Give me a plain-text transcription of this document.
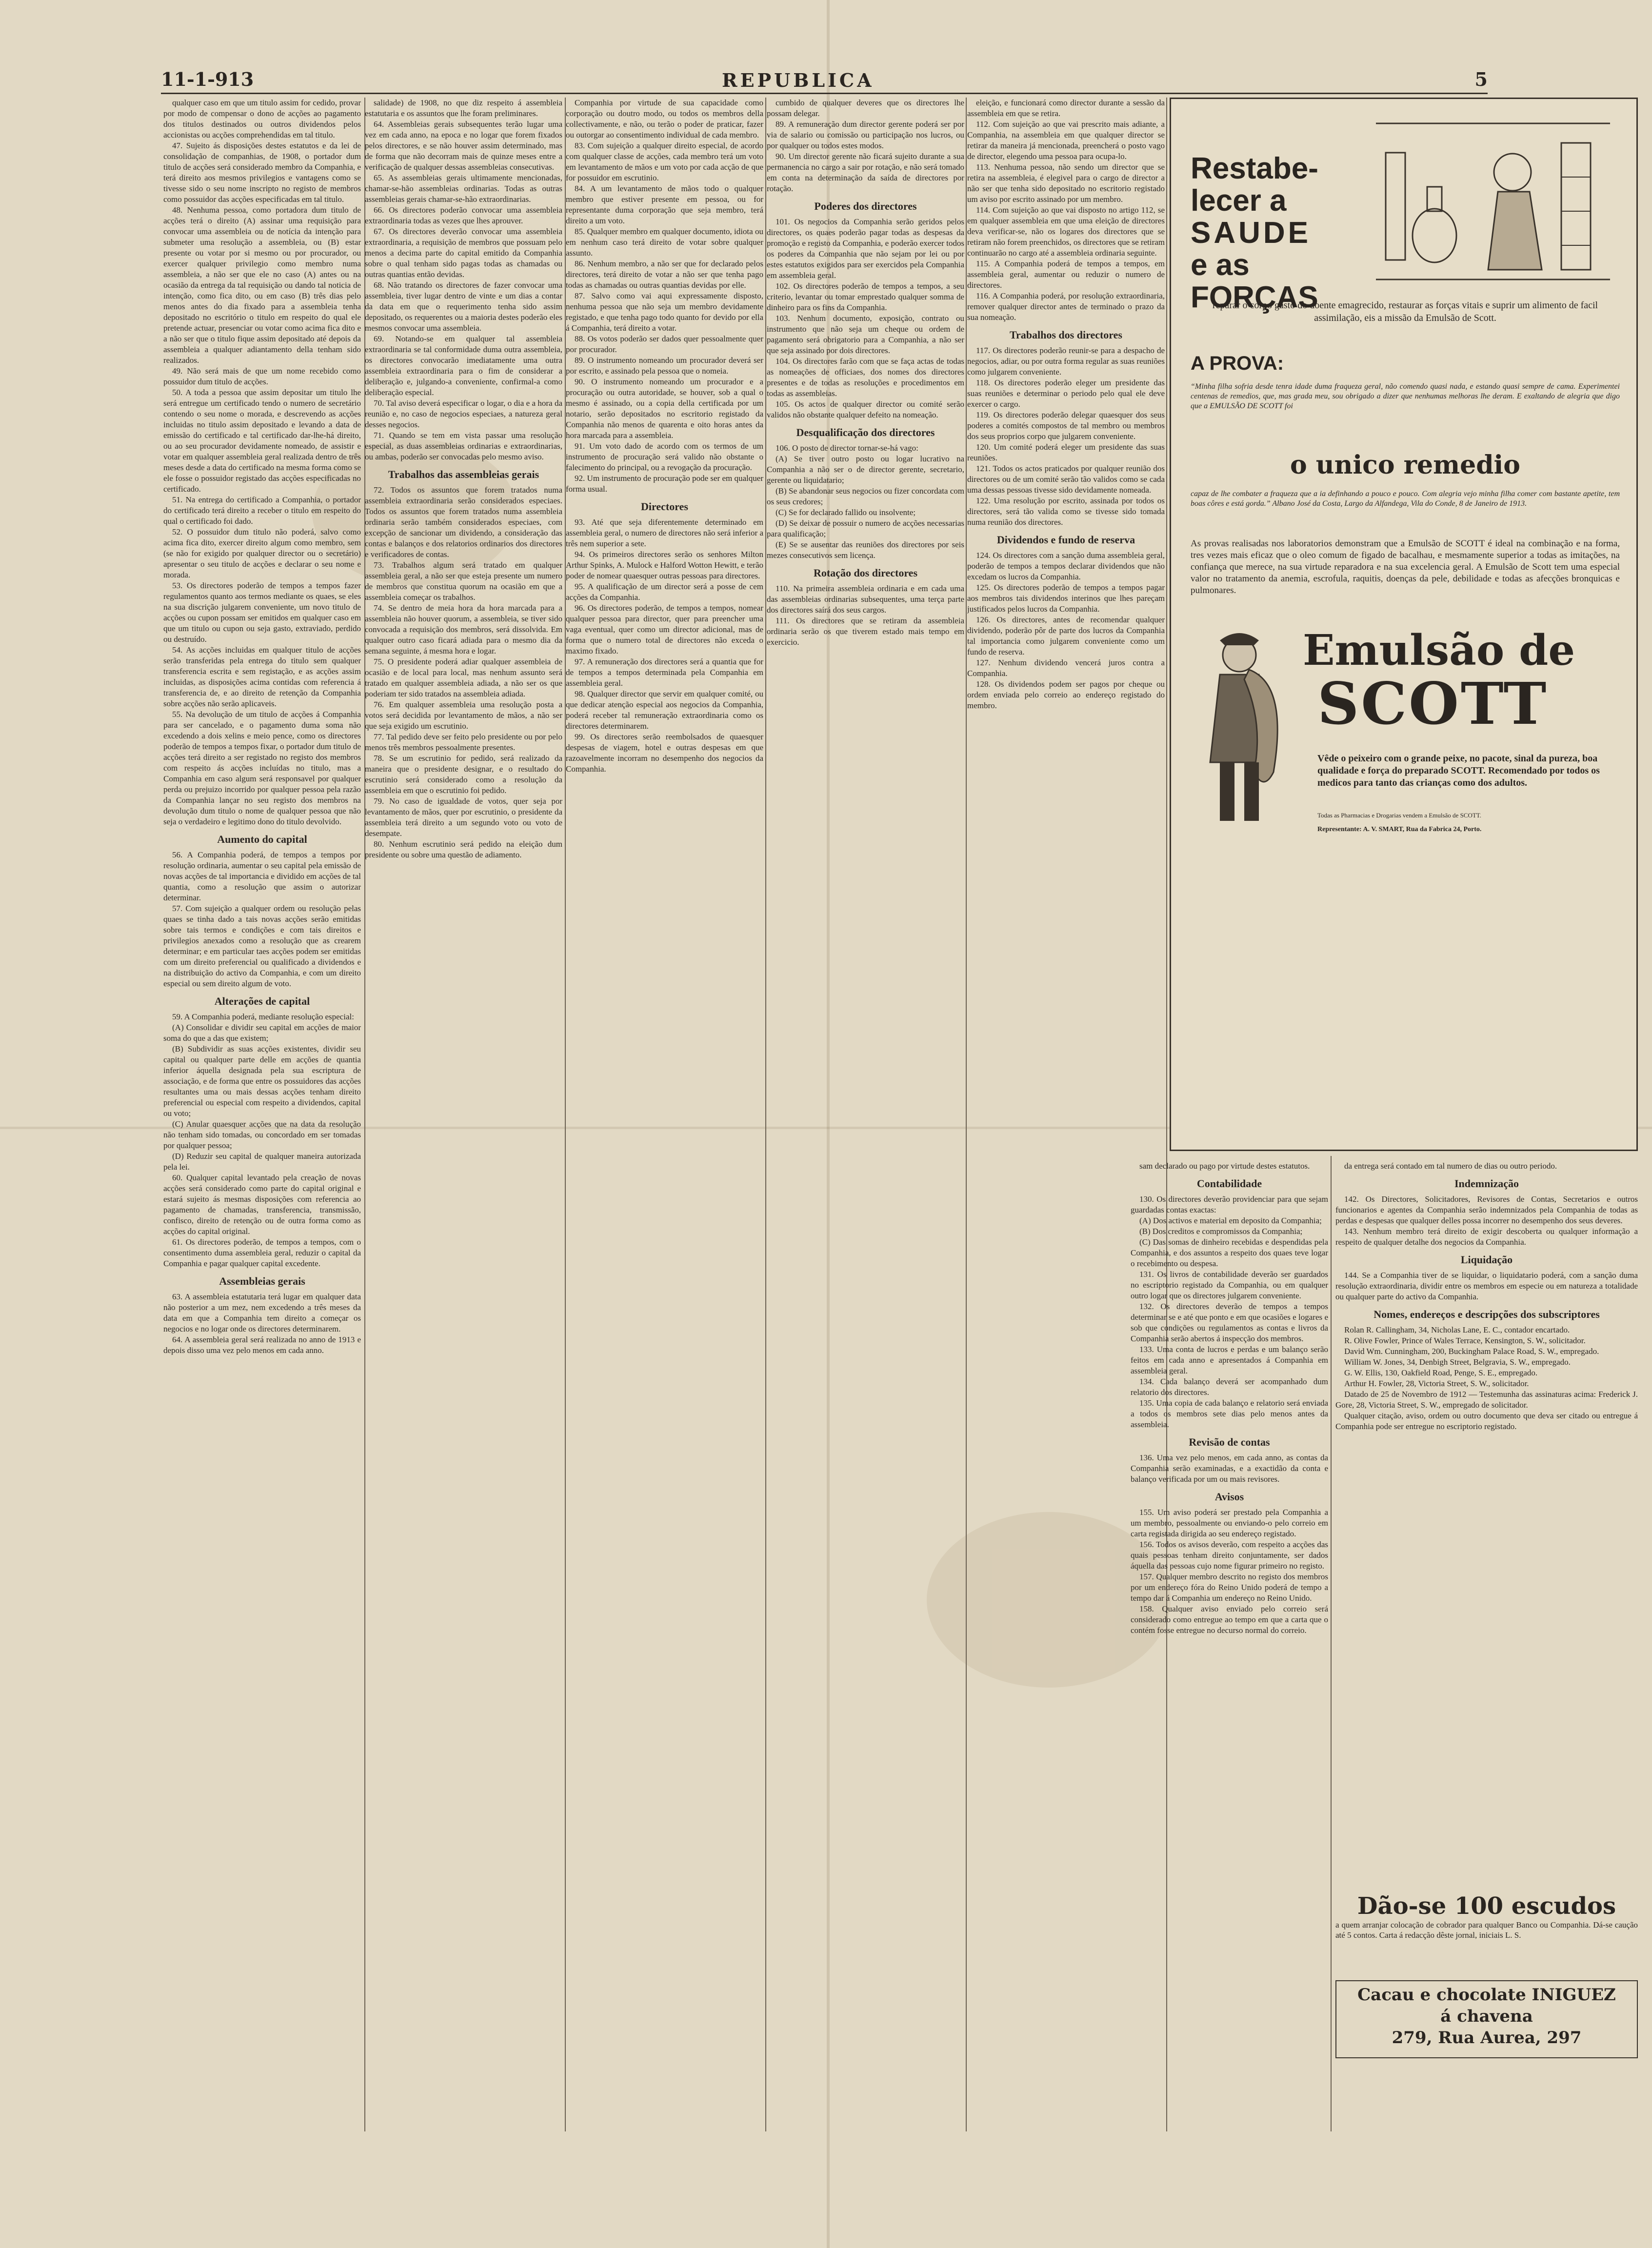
11-1-913	REPUBLICA	5

qualquer caso em que um titulo assim for cedido, provar por modo de compensar o dono de acções ao pagamento dos titulos destinados ou outros dividendos pelos accionistas ou acções comprehendidas em tal titulo.

47. Sujeito ás disposições destes estatutos e da lei de consolidação de companhias, de 1908, o portador dum titulo de acções será considerado membro da Companhia, e terá direito aos mesmos privilegios e vantagens como se tivesse sido o seu nome inscripto no registo de membros como possuidor das acções especificadas em tal titulo.

48. Nenhuma pessoa, como portadora dum titulo de acções terá o direito (A) assinar uma requisição para convocar uma assembleia ou de notícia da intenção para submeter uma resolução a assembleia, ou (B) estar presente ou votar por si mesmo ou por procurador, ou exercer qualquer privilegio como membro numa assembleia, a não ser que ele no caso (A) antes ou na ocasião da entrega da tal requisição ou dando tal noticia de intenção, como fica dito, ou em caso (B) três dias pelo menos antes do dia fixado para a assembleia tenha depositado no escritório o titulo em respeito do qual ele pretende actuar, presenciar ou votar como acima fica dito e a não ser que o titulo fique assim depositado até depois da assembleia a qualquer adiantamento della tenham sido realizados.

49. Não será mais de que um nome recebido como possuidor dum titulo de acções.

50. A toda a pessoa que assim depositar um titulo lhe será entregue um certificado tendo o numero de secretário contendo o seu nome o morada, e descrevendo as acções incluidas no titulo assim depositado e levando a data de emissão do certificado e tal certificado dar-lhe-há direito, ou ao seu procurador devidamente nomeado, de assistir e votar em qualquer assembleia geral realizada dentro de três meses desde a data do certificado na mesma forma como se ele fosse o possuidor registado das acções especificadas no certificado.

51. Na entrega do certificado a Companhia, o portador do certificado terá direito a receber o titulo em respeito do qual o certificado foi dado.

52. O possuidor dum titulo não poderá, salvo como acima fica dito, exercer direito algum como membro, sem (se não for exigido por qualquer director ou o secretário) apresentar o seu titulo de acções e declarar o seu nome e morada.

53. Os directores poderão de tempos a tempos fazer regulamentos quanto aos termos mediante os quaes, se eles na sua discrição julgarem conveniente, um novo titulo de acções ou cupon possam ser emitidos em qualquer caso em que um titulo ou cupon ou seja gasto, extraviado, perdido ou destruído.

54. As acções incluidas em qualquer titulo de acções serão transferidas pela entrega do titulo sem qualquer transferencia escrita e sem registação, e as acções assim incluidas, as disposições acima contidas com referencia á transferencia de, e ao direito de retenção da Companhia sobre acções não serão aplicaveis.

55. Na devolução de um titulo de acções á Companhia para ser cancelado, e o pagamento duma soma não excedendo a dois xelins e meio pence, como os directores poderão de tempos a tempos fixar, o portador dum titulo de acções terá direito a ser registado no registo dos membros com respeito ás acções incluídas no titulo, mas a Companhia em caso algum será responsavel por qualquer perda ou prejuizo incorrido por qualquer pessoa pela razão da Companhia lançar no seu registo dos membros na devolução dum titulo o nome de qualquer pessoa que não seja o verdadeiro e legitimo dono do titulo devolvido.

Aumento do capital

56. A Companhia poderá, de tempos a tempos por resolução ordinaria, aumentar o seu capital pela emissão de novas acções de tal importancia e dividido em acções de tal quantia, como a resolução que assim o autorizar determinar.

57. Com sujeição a qualquer ordem ou resolução pelas quaes se tinha dado a tais novas acções serão emitidas sobre tais termos e condições e com tais direitos e privilegios anexados como a resolução que as crearem determinar; e em particular taes acções podem ser emitidas com um direito preferencial ou qualificado a dividendos e na distribuição do activo da Companhia, e com um direito especial ou sem direito algum de voto.

Alterações de capital

59. A Companhia poderá, mediante resolução especial:

(A) Consolidar e dividir seu capital em acções de maior soma do que a das que existem;

(B) Subdividir as suas acções existentes, dividir seu capital ou qualquer parte delle em acções de quantia inferior áquella designada pela sua escriptura de associação, e de forma que entre os possuidores das acções resultantes uma ou mais dessas acções tenham direito preferencial ou especial com respeito a dividendos, capital ou voto;

(C) Anular quaesquer acções que na data da resolução não tenham sido tomadas, ou concordado em ser tomadas por qualquer pessoa;

(D) Reduzir seu capital de qualquer maneira autorizada pela lei.

60. Qualquer capital levantado pela creação de novas acções será considerado como parte do capital original e estará sujeito ás mesmas disposições com referencia ao pagamento de chamadas, transferencia, transmissão, confisco, direito de retenção ou de outra forma como as acções do capital original.

61. Os directores poderão, de tempos a tempos, com o consentimento duma assembleia geral, reduzir o capital da Companhia e pagar qualquer capital excedente.

Assembleias gerais

63. A assembleia estatutaria terá lugar em qualquer data não posterior a um mez, nem excedendo a três meses da data em que a Companhia tem direito a começar os negocios e no logar onde os directores determinarem.

64. A assembleia geral será realizada no anno de 1913 e depois disso uma vez pelo menos em cada anno.

salidade) de 1908, no que diz respeito á assembleia estatutaria e os assuntos que lhe foram preliminares.

64. Assembleias gerais subsequentes terão lugar uma vez em cada anno, na epoca e no logar que forem fixados pelos directores, e se não houver assim determinado, mas de forma que não decorram mais de quinze meses entre a verificação de qualquer dessas assembleias consecutivas.

65. As assembleias gerais ultimamente mencionadas, chamar-se-hão assembleias ordinarias. Todas as outras assembleias gerais chamar-se-hão extraordinarias.

66. Os directores poderão convocar uma assembleia extraordinaria todas as vezes que lhes aprouver.

67. Os directores deverão convocar uma assembleia extraordinaria, a requisição de membros que possuam pelo menos a decima parte do capital emitido da Companhia sobre o qual tenham sido pagas todas as chamadas ou outras quantias então devidas.

68. Não tratando os directores de fazer convocar uma assembleia, tiver lugar dentro de vinte e um dias a contar da data em que o requerimento tenha sido assim depositado, os requerentes ou a maioria destes poderão eles mesmos convocar uma assembleia.

69. Notando-se em qualquer tal assembleia extraordinaria se tal conformidade duma outra assembleia, os directores convocarão imediatamente uma outra assembleia extraordinaria para o fim de considerar a deliberação e, julgando-a conveniente, confirmal-a como deliberação especial.

70. Tal aviso deverá especificar o logar, o dia e a hora da reunião e, no caso de negocios especiaes, a natureza geral desses negocios.

71. Quando se tem em vista passar uma resolução especial, as duas assembleias ordinarias e extraordinarias, ou ambas, poderão ser convocadas pelo mesmo aviso.

Trabalhos das assembleias gerais

72. Todos os assuntos que forem tratados numa assembleia extraordinaria serão considerados especiaes. Todos os assuntos que forem tratados numa assembleia ordinaria serão também considerados especiaes, com excepção de sancionar um dividendo, a consideração das contas e balanços e dos relatorios ordinarios dos directores e verificadores de contas.

73. Trabalhos algum será tratado em qualquer assembleia geral, a não ser que esteja presente um numero de membros que constitua quorum na ocasião em que a assembleia começar os trabalhos.

74. Se dentro de meia hora da hora marcada para a assembleia não houver quorum, a assembleia, se tiver sido convocada a requisição dos membros, será dissolvida. Em qualquer outro caso ficará adiada para o mesmo dia da semana seguinte, á mesma hora e logar.

75. O presidente poderá adiar qualquer assembleia de ocasião e de local para local, mas nenhum assunto será tratado em qualquer assembleia adiada, a não ser os que poderiam ter sido tratados na assembleia adiada.

76. Em qualquer assembleia uma resolução posta a votos será decidida por levantamento de mãos, a não ser que seja exigido um escrutinio.

77. Tal pedido deve ser feito pelo presidente ou por pelo menos três membros pessoalmente presentes.

78. Se um escrutinio for pedido, será realizado da maneira que o presidente designar, e o resultado do escrutinio será considerado como a resolução da assembleia em que o escrutinio foi pedido.

79. No caso de igualdade de votos, quer seja por levantamento de mãos, quer por escrutinio, o presidente da assembleia terá direito a um segundo voto ou voto de desempate.

80. Nenhum escrutinio será pedido na eleição dum presidente ou sobre uma questão de adiamento.

Companhia por virtude de sua capacidade como corporação ou doutro modo, ou todos os membros della collectivamente, e não, ou terão o poder de praticar, fazer ou outorgar ao consentimento individual de cada membro.

83. Com sujeição a qualquer direito especial, de acordo com qualquer classe de acções, cada membro terá um voto em levantamento de mãos e um voto por cada acção de que for possuidor em escrutinio.

84. A um levantamento de mãos todo o qualquer membro que estiver presente em pessoa, ou for representante duma corporação que seja membro, terá direito a um voto.

85. Qualquer membro em qualquer documento, idiota ou em nenhum caso terá direito de votar sobre qualquer assunto.

86. Nenhum membro, a não ser que for declarado pelos directores, terá direito de votar a não ser que tenha pago todas as chamadas ou outras quantias devidas por elle.

87. Salvo como vai aqui expressamente disposto, nenhuma pessoa que não seja um membro devidamente registado, e que tenha pago todo quanto for devido por ella á Companhia, terá direito a votar.

88. Os votos poderão ser dados quer pessoalmente quer por procurador.

89. O instrumento nomeando um procurador deverá ser por escrito, e assinado pela pessoa que o nomeia.

90. O instrumento nomeando um procurador e a procuração ou outra autoridade, se houver, sob a qual o mesmo é assinado, ou a copia della certificada por um notario, serão depositados no escritorio registado da Companhia não menos de quarenta e oito horas antes da hora marcada para a assembleia.

91. Um voto dado de acordo com os termos de um instrumento de procuração será valido não obstante o falecimento do principal, ou a revogação da procuração.

92. Um instrumento de procuração pode ser em qualquer forma usual.

Directores

93. Até que seja diferentemente determinado em assembleia geral, o numero de directores não será inferior a três nem superior a sete.

94. Os primeiros directores serão os senhores Milton Arthur Spinks, A. Mulock e Halford Wotton Hewitt, e terão poder de nomear quaesquer outras pessoas para directores.

95. A qualificação de um director será a posse de cem acções da Companhia.

96. Os directores poderão, de tempos a tempos, nomear qualquer pessoa para director, quer para preencher uma vaga eventual, quer como um director adicional, mas de forma que o numero total de directores não exceda o maximo fixado.

97. A remuneração dos directores será a quantia que for de tempos a tempos determinada pela Companhia em assembleia geral.

98. Qualquer director que servir em qualquer comité, ou que dedicar atenção especial aos negocios da Companhia, poderá receber tal remuneração extraordinaria como os directores determinarem.

99. Os directores serão reembolsados de quaesquer despesas de viagem, hotel e outras despesas em que razoavelmente incorram no desempenho dos negocios da Companhia.

cumbido de qualquer deveres que os directores lhe possam delegar.

89. A remuneração dum director gerente poderá ser por via de salario ou comissão ou participação nos lucros, ou por qualquer ou todos estes modos.

90. Um director gerente não ficará sujeito durante a sua permanencia no cargo a sair por rotação, e não será tomado em conta na determinação da saída de directores por rotação.

Poderes dos directores

101. Os negocios da Companhia serão geridos pelos directores, os quaes poderão pagar todas as despesas da promoção e registo da Companhia, e poderão exercer todos os poderes da Companhia que não sejam por lei ou por estes estatutos exigidos para ser exercidos pela Companhia em assembleia geral.

102. Os directores poderão de tempos a tempos, a seu criterio, levantar ou tomar emprestado qualquer somma de dinheiro para os fins da Companhia.

103. Nenhum documento, exposição, contrato ou instrumento que não seja um cheque ou ordem de pagamento será obrigatorio para a Companhia, a não ser que seja assinado por dois directores.

104. Os directores farão com que se faça actas de todas as nomeações de officiaes, dos nomes dos directores presentes e de todas as resoluções e procedimentos em todas as assembleias.

105. Os actos de qualquer director ou comité serão validos não obstante qualquer defeito na nomeação.

Desqualificação dos directores

106. O posto de director tornar-se-há vago:

(A) Se tiver outro posto ou logar lucrativo na Companhia a não ser o de director gerente, secretario, gerente ou liquidatario;

(B) Se abandonar seus negocios ou fizer concordata com os seus credores;

(C) Se for declarado fallido ou insolvente;

(D) Se deixar de possuir o numero de acções necessarias para qualificação;

(E) Se se ausentar das reuniões dos directores por seis mezes consecutivos sem licença.

Rotação dos directores

110. Na primeira assembleia ordinaria e em cada uma das assembleias ordinarias subsequentes, uma terça parte dos directores saírá dos seus cargos.

111. Os directores que se retiram da assembleia ordinaria serão os que tiverem estado mais tempo em exercicio.

eleição, e funcionará como director durante a sessão da assembleia em que se retira.

112. Com sujeição ao que vai prescrito mais adiante, a Companhia, na assembleia em que qualquer director se retirar da maneira já mencionada, preencherá o posto vago de director, elegendo uma pessoa para ocupa-lo.

113. Nenhuma pessoa, não sendo um director que se retira na assembleia, é elegivel para o cargo de director a não ser que tenha sido depositado no escritorio registado um aviso por escrito assinado por um membro.

114. Com sujeição ao que vai disposto no artigo 112, se em qualquer assembleia em que uma eleição de directores deva verificar-se, não os logares dos directores que se retiram não forem preenchidos, os directores que se retiram continuarão no cargo até a assembleia ordinaria seguinte.

115. A Companhia poderá de tempos a tempos, em assembleia geral, aumentar ou reduzir o numero de directores.

116. A Companhia poderá, por resolução extraordinaria, remover qualquer director antes de terminado o prazo da sua nomeação.

Trabalhos dos directores

117. Os directores poderão reunir-se para a despacho de negocios, adiar, ou por outra forma regular as suas reuniões como julgarem conveniente.

118. Os directores poderão eleger um presidente das suas reuniões e determinar o periodo pelo qual ele deve exercer o cargo.

119. Os directores poderão delegar quaesquer dos seus poderes a comités compostos de tal membro ou membros dos seus proprios corpo que julgarem conveniente.

120. Um comité poderá eleger um presidente das suas reuniões.

121. Todos os actos praticados por qualquer reunião dos directores ou de um comité serão tão validos como se cada uma dessas pessoas tivesse sido devidamente nomeada.

122. Uma resolução por escrito, assinada por todos os directores, será tão valida como se tivesse sido tomada numa reunião dos directores.

Dividendos e fundo de reserva

124. Os directores com a sanção duma assembleia geral, poderão de tempos a tempos declarar dividendos que não excedam os lucros da Companhia.

125. Os directores poderão de tempos a tempos pagar aos membros tais dividendos interinos que lhes pareçam justificados pelos lucros da Companhia.

126. Os directores, antes de recomendar qualquer dividendo, poderão pôr de parte dos lucros da Companhia tal importancia como julgarem conveniente como um fundo de reserva.

127. Nenhum dividendo vencerá juros contra a Companhia.

128. Os dividendos podem ser pagos por cheque ou ordem enviada pelo correio ao endereço registado do membro.

sam declarado ou pago por virtude destes estatutos.

Contabilidade

130. Os directores deverão providenciar para que sejam guardadas contas exactas:

(A) Dos activos e material em deposito da Companhia;

(B) Dos creditos e compromissos da Companhia;

(C) Das somas de dinheiro recebidas e despendidas pela Companhia, e dos assuntos a respeito dos quaes teve logar o recebimento ou despesa.

131. Os livros de contabilidade deverão ser guardados no escriptorio registado da Companhia, ou em qualquer outro logar que os directores julgarem conveniente.

132. Os directores deverão de tempos a tempos determinar se e até que ponto e em que ocasiões e logares e sob que condições ou regulamentos as contas e livros da Companhia serão abertos á inspecção dos membros.

133. Uma conta de lucros e perdas e um balanço serão feitos em cada anno e apresentados á Companhia em assembleia geral.

134. Cada balanço deverá ser acompanhado dum relatorio dos directores.

135. Uma copia de cada balanço e relatorio será enviada a todos os membros sete dias pelo menos antes da assembleia.

Revisão de contas

136. Uma vez pelo menos, em cada anno, as contas da Companhia serão examinadas, e a exactidão da conta e balanço verificada por um ou mais revisores.

Avisos

155. Um aviso poderá ser prestado pela Companhia a um membro, pessoalmente ou enviando-o pelo correio em carta registada dirigida ao seu endereço registado.

156. Todos os avisos deverão, com respeito a acções das quais pessoas tenham direito conjuntamente, ser dados áquella das pessoas cujo nome figurar primeiro no registo.

157. Qualquer membro descrito no registo dos membros por um endereço fóra do Reino Unido poderá de tempo a tempo dar á Companhia um endereço no Reino Unido.

158. Qualquer aviso enviado pelo correio será considerado como entregue ao tempo em que a carta que o contém fosse entregue no decurso normal do correio.

da entrega será contado em tal numero de dias ou outro periodo.

Indemnização

142. Os Directores, Solicitadores, Revisores de Contas, Secretarios e outros funcionarios e agentes da Companhia serão indemnizados pela Companhia de todas as perdas e despesas que qualquer delles possa incorrer no desempenho dos seus deveres.

143. Nenhum membro terá direito de exigir descoberta ou qualquer informação a respeito de qualquer detalhe dos negocios da Companhia.

Liquidação

144. Se a Companhia tiver de se liquidar, o liquidatario poderá, com a sanção duma resolução extraordinaria, dividir entre os membros em especie ou em natureza a totalidade ou qualquer parte do activo da Companhia.

Nomes, endereços e descripções dos subscriptores

Rolan R. Callingham, 34, Nicholas Lane, E. C., contador encartado.

R. Olive Fowler, Prince of Wales Terrace, Kensington, S. W., solicitador.

David Wm. Cunningham, 200, Buckingham Palace Road, S. W., empregado.

William W. Jones, 34, Denbigh Street, Belgravia, S. W., empregado.

G. W. Ellis, 130, Oakfield Road, Penge, S. E., empregado.

Arthur H. Fowler, 28, Victoria Street, S. W., solicitador.

Datado de 25 de Novembro de 1912 — Testemunha das assinaturas acima: Frederick J. Gore, 28, Victoria Street, S. W., empregado de solicitador.

Qualquer citação, aviso, ordem ou outro documento que deva ser citado ou entregue á Companhia pode ser entregue no escriptorio registado.

Restabe-
lecer a
SAUDE
e as
FORÇAS
reparar o corpo gasto do doente emagrecido, restaurar as forças vitais e suprir um alimento de facil assimilação, eis a missão da Emulsão de Scott.
A PROVA:
“Minha filha sofria desde tenra idade duma fraqueza geral, não comendo quasi nada, e estando quasi sempre de cama. Experimentei centenas de remedios, que, mas grada meu, sou obrigado a dizer que nenhumas melhoras lhe deram. E exaltando de alegria que digo que a EMULSÃO DE SCOTT foi
o unico remedio
capaz de lhe combater a fraqueza que a ia definhando a pouco e pouco. Com alegria vejo minha filha comer com bastante apetite, tem boas côres e está gorda.” Albano José da Costa, Largo da Alfandega, Vila do Conde, 8 de Janeiro de 1913.
As provas realisadas nos laboratorios demonstram que a Emulsão de SCOTT é ideal na combinação e na forma, tres vezes mais eficaz que o oleo comum de figado de bacalhau, e mesmamente superior a todas as imitações, na confiança que merece, na sua virtude reparadora e na sua excelencia geral. A Emulsão de Scott tem uma especial valor no tratamento da anemia, escrofula, raquitis, doenças da pele, debilidade e todas as afecções bronquicas e pulmonares.
Emulsão de
SCOTT
Vêde o peixeiro com o grande peixe, no pacote, sinal da pureza, boa qualidade e força do preparado SCOTT. Recomendado por todos os medicos para tanto das crianças como dos adultos.
Todas as Pharmacias e Drogarias vendem a Emulsão de SCOTT.
Representante: A. V. SMART, Rua da Fabrica 24, Porto.
Dão-se 100 escudos
a quem arranjar colocação de cobrador para qualquer Banco ou Companhia. Dá-se caução até 5 contos. Carta á redacção dêste jornal, iniciais L. S.
Cacau e chocolate INIGUEZ
á chavena
279, Rua Aurea, 297
